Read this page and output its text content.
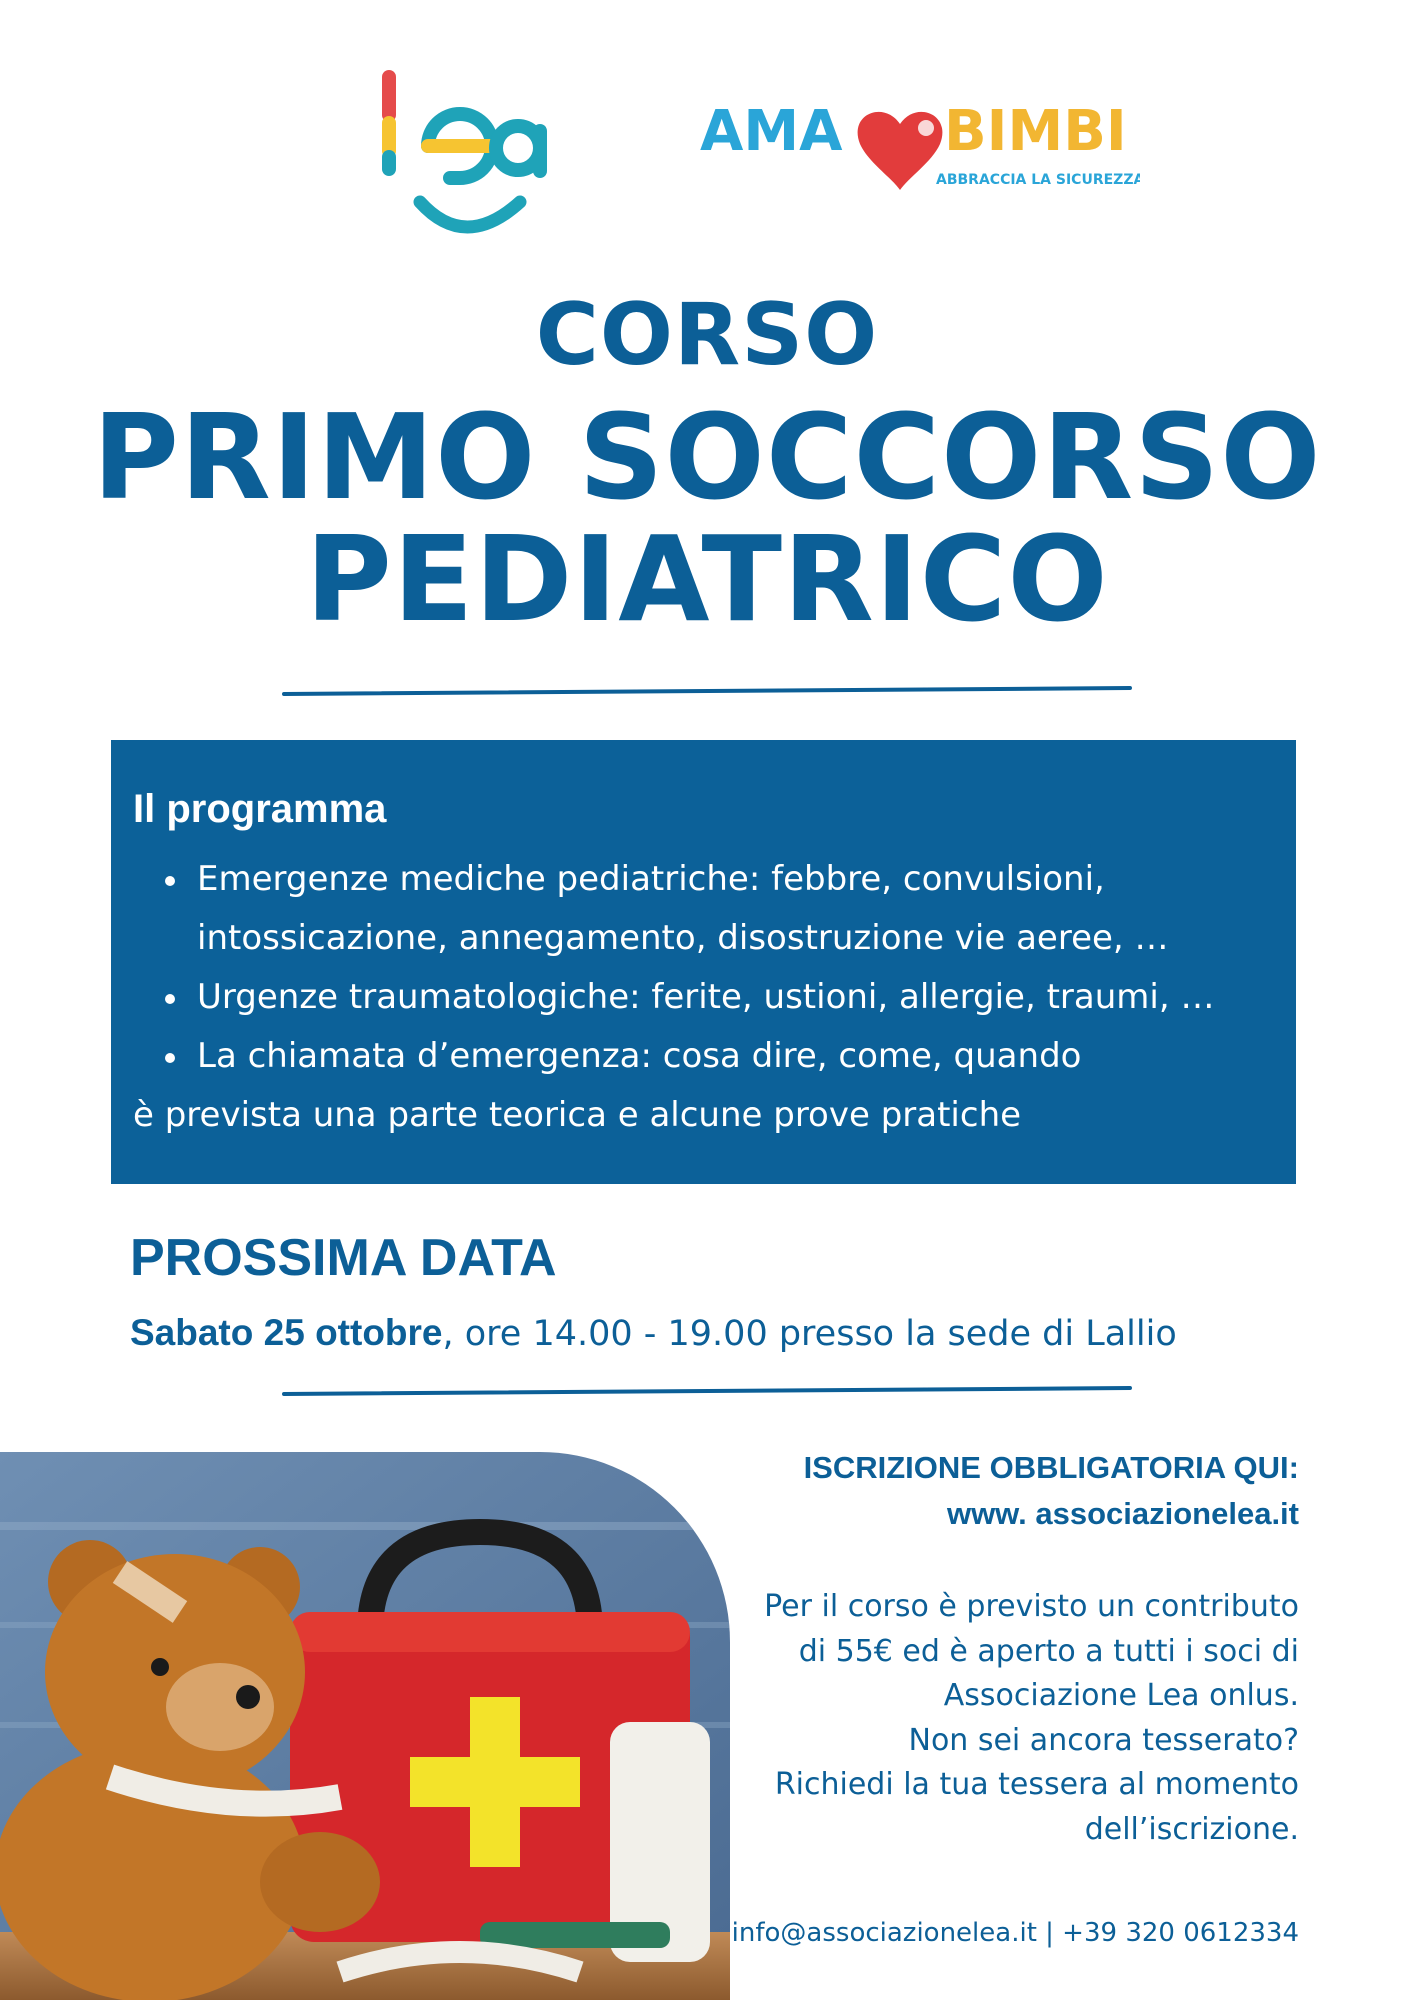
AMA BIMBI
ABBRACCIA LA SICUREZZA
CORSO
PRIMO SOCCORSO
PEDIATRICO
Il programma
Emergenze mediche pediatriche: febbre, convulsioni, intossicazione, annegamento, disostruzione vie aeree, …
Urgenze traumatologiche: ferite, ustioni, allergie, traumi, …
La chiamata d’emergenza: cosa dire, come, quando

è prevista una parte teorica e alcune prove pratiche

PROSSIMA DATA

Sabato 25 ottobre, ore 14.00 - 19.00 presso la sede di Lallio

ISCRIZIONE OBBLIGATORIA QUI:

www. associazionelea.it

Per il corso è previsto un contributo
di 55€ ed è aperto a tutti i soci di
Associazione Lea onlus.
Non sei ancora tesserato?
Richiedi la tua tessera al momento
dell’iscrizione.

info@associazionelea.it | +39 320 0612334
